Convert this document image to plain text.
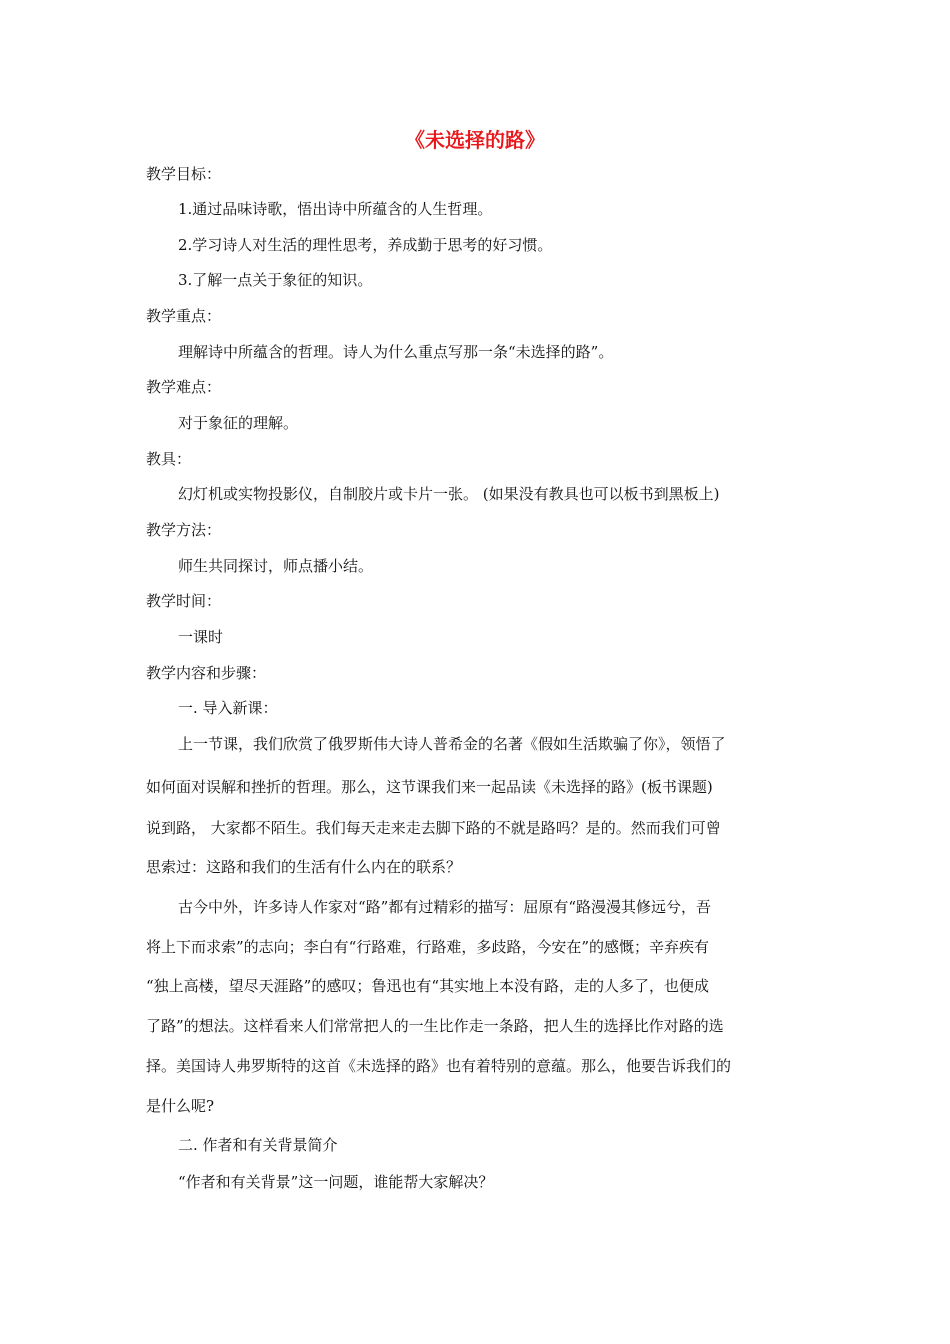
《未选择的路》
教学目标：
1.通过品味诗歌，悟出诗中所蕴含的人生哲理。
2.学习诗人对生活的理性思考，养成勤于思考的好习惯。
3.了解一点关于象征的知识。
教学重点：
理解诗中所蕴含的哲理。诗人为什么重点写那一条“未选择的路”。
教学难点：
对于象征的理解。
教具：
幻灯机或实物投影仪，自制胶片或卡片一张。 (如果没有教具也可以板书到黑板上)
教学方法：
师生共同探讨，师点播小结。
教学时间：
一课时
教学内容和步骤：
一. 导入新课：
上一节课，我们欣赏了俄罗斯伟大诗人普希金的名著《假如生活欺骗了你》，领悟了
如何面对误解和挫折的哲理。那么，这节课我们来一起品读《未选择的路》(板书课题)
说到路， 大家都不陌生。我们每天走来走去脚下路的不就是路吗？是的。然而我们可曾
思索过：这路和我们的生活有什么内在的联系？
古今中外，许多诗人作家对“路”都有过精彩的描写：屈原有“路漫漫其修远兮，吾
将上下而求索”的志向；李白有“行路难，行路难，多歧路，今安在”的感慨；辛弃疾有
“独上高楼，望尽天涯路”的感叹；鲁迅也有“其实地上本没有路，走的人多了，也便成
了路”的想法。这样看来人们常常把人的一生比作走一条路，把人生的选择比作对路的选
择。美国诗人弗罗斯特的这首《未选择的路》也有着特别的意蕴。那么，他要告诉我们的
是什么呢?
二. 作者和有关背景简介
“作者和有关背景”这一问题，谁能帮大家解决？
